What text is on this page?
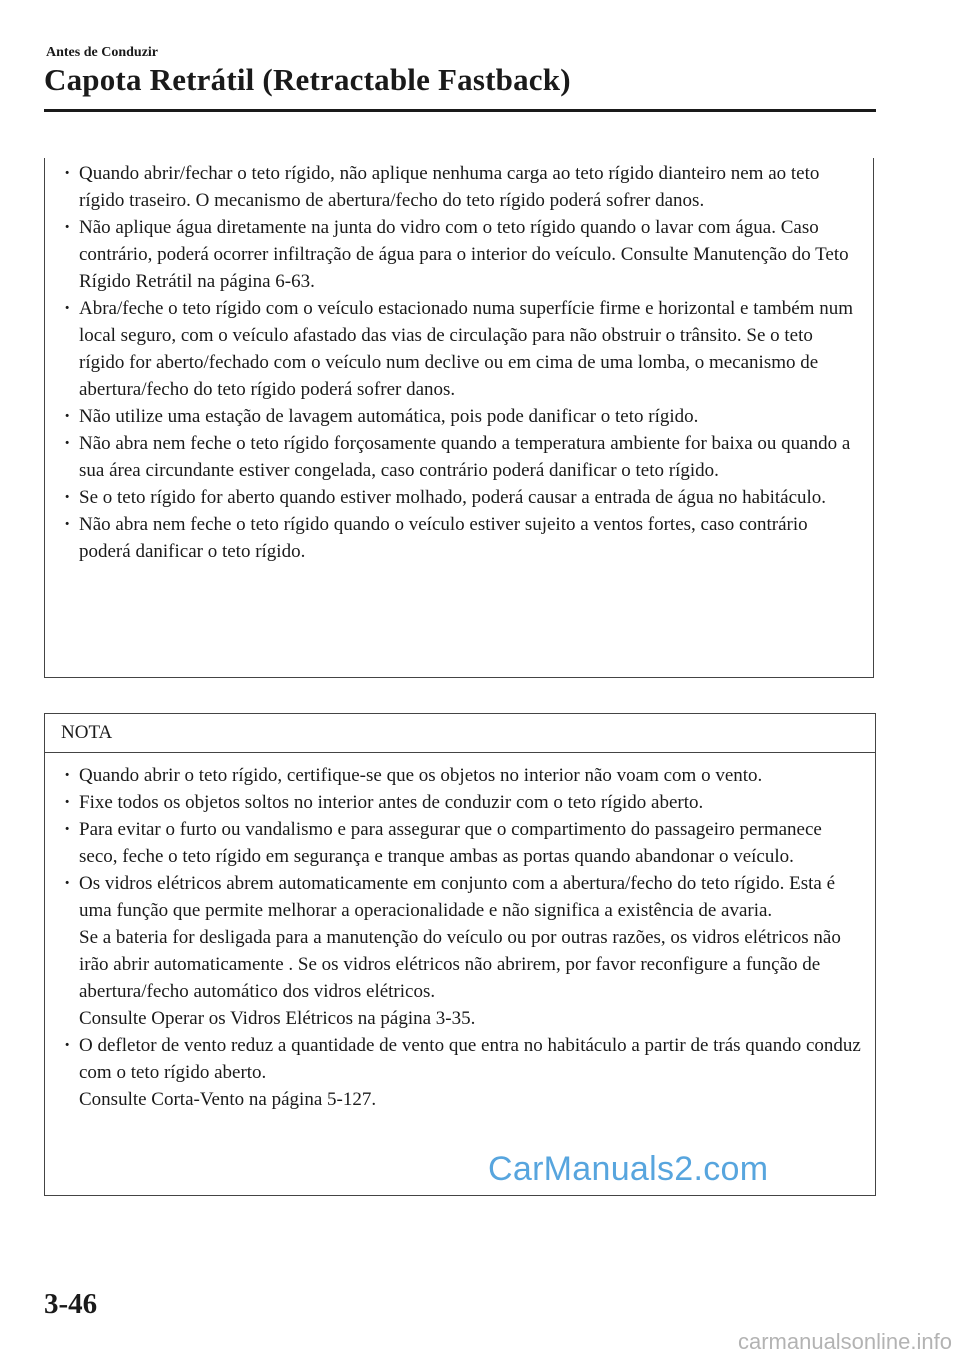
Antes de Conduzir
Capota Retrátil (Retractable Fastback)
· Quando abrir/fechar o teto rígido, não aplique nenhuma carga ao teto rígido dianteiro nem ao teto rígido traseiro. O mecanismo de abertura/fecho do teto rígido poderá sofrer danos.
· Não aplique água diretamente na junta do vidro com o teto rígido quando o lavar com água. Caso contrário, poderá ocorrer infiltração de água para o interior do veículo. Consulte Manutenção do Teto Rígido Retrátil na página 6-63.
· Abra/feche o teto rígido com o veículo estacionado numa superfície firme e horizontal e também num local seguro, com o veículo afastado das vias de circulação para não obstruir o trânsito. Se o teto rígido for aberto/fechado com o veículo num declive ou em cima de uma lomba, o mecanismo de abertura/fecho do teto rígido poderá sofrer danos.
· Não utilize uma estação de lavagem automática, pois pode danificar o teto rígido.
· Não abra nem feche o teto rígido forçosamente quando a temperatura ambiente for baixa ou quando a sua área circundante estiver congelada, caso contrário poderá danificar o teto rígido.
· Se o teto rígido for aberto quando estiver molhado, poderá causar a entrada de água no habitáculo.
· Não abra nem feche o teto rígido quando o veículo estiver sujeito a ventos fortes, caso contrário poderá danificar o teto rígido.
NOTA
· Quando abrir o teto rígido, certifique-se que os objetos no interior não voam com o vento.
· Fixe todos os objetos soltos no interior antes de conduzir com o teto rígido aberto.
· Para evitar o furto ou vandalismo e para assegurar que o compartimento do passageiro permanece seco, feche o teto rígido em segurança e tranque ambas as portas quando abandonar o veículo.
· Os vidros elétricos abrem automaticamente em conjunto com a abertura/fecho do teto rígido. Esta é uma função que permite melhorar a operacionalidade e não significa a existência de avaria.
Se a bateria for desligada para a manutenção do veículo ou por outras razões, os vidros elétricos não irão abrir automaticamente . Se os vidros elétricos não abrirem, por favor reconfigure a função de abertura/fecho automático dos vidros elétricos.
Consulte Operar os Vidros Elétricos na página 3-35.
· O defletor de vento reduz a quantidade de vento que entra no habitáculo a partir de trás quando conduz com o teto rígido aberto.
Consulte Corta-Vento na página 5-127.
3-46
CarManuals2.com
carmanualsonline.info
